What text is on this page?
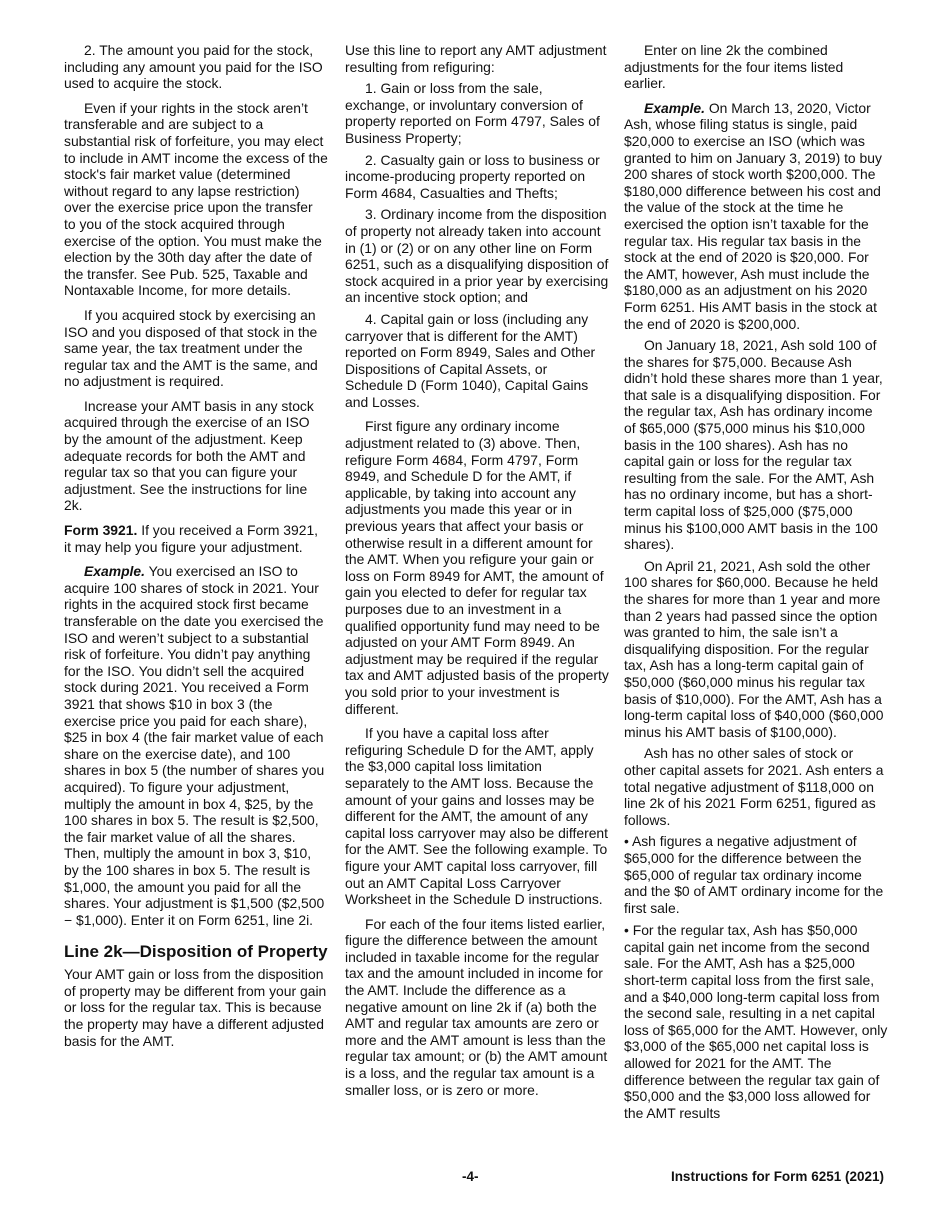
2. The amount you paid for the stock, including any amount you paid for the ISO used to acquire the stock.

Even if your rights in the stock aren’t transferable and are subject to a substantial risk of forfeiture, you may elect to include in AMT income the excess of the stock's fair market value (determined without regard to any lapse restriction) over the exercise price upon the transfer to you of the stock acquired through exercise of the option. You must make the election by the 30th day after the date of the transfer. See Pub. 525, Taxable and Nontaxable Income, for more details.

If you acquired stock by exercising an ISO and you disposed of that stock in the same year, the tax treatment under the regular tax and the AMT is the same, and no adjustment is required.

Increase your AMT basis in any stock acquired through the exercise of an ISO by the amount of the adjustment. Keep adequate records for both the AMT and regular tax so that you can figure your adjustment. See the instructions for line 2k.

Form 3921. If you received a Form 3921, it may help you figure your adjustment.

Example. You exercised an ISO to acquire 100 shares of stock in 2021. Your rights in the acquired stock first became transferable on the date you exercised the ISO and weren’t subject to a substantial risk of forfeiture. You didn’t pay anything for the ISO. You didn’t sell the acquired stock during 2021. You received a Form 3921 that shows $10 in box 3 (the exercise price you paid for each share), $25 in box 4 (the fair market value of each share on the exercise date), and 100 shares in box 5 (the number of shares you acquired). To figure your adjustment, multiply the amount in box 4, $25, by the 100 shares in box 5. The result is $2,500, the fair market value of all the shares. Then, multiply the amount in box 3, $10, by the 100 shares in box 5. The result is $1,000, the amount you paid for all the shares. Your adjustment is $1,500 ($2,500 − $1,000). Enter it on Form 6251, line 2i.

Line 2k—Disposition of Property

Your AMT gain or loss from the disposition of property may be different from your gain or loss for the regular tax. This is because the property may have a different adjusted basis for the AMT.

Use this line to report any AMT adjustment resulting from refiguring:

1. Gain or loss from the sale, exchange, or involuntary conversion of property reported on Form 4797, Sales of Business Property;

2. Casualty gain or loss to business or income-producing property reported on Form 4684, Casualties and Thefts;

3. Ordinary income from the disposition of property not already taken into account in (1) or (2) or on any other line on Form 6251, such as a disqualifying disposition of stock acquired in a prior year by exercising an incentive stock option; and

4. Capital gain or loss (including any carryover that is different for the AMT) reported on Form 8949, Sales and Other Dispositions of Capital Assets, or Schedule D (Form 1040), Capital Gains and Losses.

First figure any ordinary income adjustment related to (3) above. Then, refigure Form 4684, Form 4797, Form 8949, and Schedule D for the AMT, if applicable, by taking into account any adjustments you made this year or in previous years that affect your basis or otherwise result in a different amount for the AMT. When you refigure your gain or loss on Form 8949 for AMT, the amount of gain you elected to defer for regular tax purposes due to an investment in a qualified opportunity fund may need to be adjusted on your AMT Form 8949. An adjustment may be required if the regular tax and AMT adjusted basis of the property you sold prior to your investment is different.

If you have a capital loss after refiguring Schedule D for the AMT, apply the $3,000 capital loss limitation separately to the AMT loss. Because the amount of your gains and losses may be different for the AMT, the amount of any capital loss carryover may also be different for the AMT. See the following example. To figure your AMT capital loss carryover, fill out an AMT Capital Loss Carryover Worksheet in the Schedule D instructions.

For each of the four items listed earlier, figure the difference between the amount included in taxable income for the regular tax and the amount included in income for the AMT. Include the difference as a negative amount on line 2k if (a) both the AMT and regular tax amounts are zero or more and the AMT amount is less than the regular tax amount; or (b) the AMT amount is a loss, and the regular tax amount is a smaller loss, or is zero or more.

Enter on line 2k the combined adjustments for the four items listed earlier.

Example. On March 13, 2020, Victor Ash, whose filing status is single, paid $20,000 to exercise an ISO (which was granted to him on January 3, 2019) to buy 200 shares of stock worth $200,000. The $180,000 difference between his cost and the value of the stock at the time he exercised the option isn’t taxable for the regular tax. His regular tax basis in the stock at the end of 2020 is $20,000. For the AMT, however, Ash must include the $180,000 as an adjustment on his 2020 Form 6251. His AMT basis in the stock at the end of 2020 is $200,000.

On January 18, 2021, Ash sold 100 of the shares for $75,000. Because Ash didn’t hold these shares more than 1 year, that sale is a disqualifying disposition. For the regular tax, Ash has ordinary income of $65,000 ($75,000 minus his $10,000 basis in the 100 shares). Ash has no capital gain or loss for the regular tax resulting from the sale. For the AMT, Ash has no ordinary income, but has a short-term capital loss of $25,000 ($75,000 minus his $100,000 AMT basis in the 100 shares).

On April 21, 2021, Ash sold the other 100 shares for $60,000. Because he held the shares for more than 1 year and more than 2 years had passed since the option was granted to him, the sale isn’t a disqualifying disposition. For the regular tax, Ash has a long-term capital gain of $50,000 ($60,000 minus his regular tax basis of $10,000). For the AMT, Ash has a long-term capital loss of $40,000 ($60,000 minus his AMT basis of $100,000).

Ash has no other sales of stock or other capital assets for 2021. Ash enters a total negative adjustment of $118,000 on line 2k of his 2021 Form 6251, figured as follows.

• Ash figures a negative adjustment of $65,000 for the difference between the $65,000 of regular tax ordinary income and the $0 of AMT ordinary income for the first sale.

• For the regular tax, Ash has $50,000 capital gain net income from the second sale. For the AMT, Ash has a $25,000 short-term capital loss from the first sale, and a $40,000 long-term capital loss from the second sale, resulting in a net capital loss of $65,000 for the AMT. However, only $3,000 of the $65,000 net capital loss is allowed for 2021 for the AMT. The difference between the regular tax gain of $50,000 and the $3,000 loss allowed for the AMT results

-4-	Instructions for Form 6251 (2021)
